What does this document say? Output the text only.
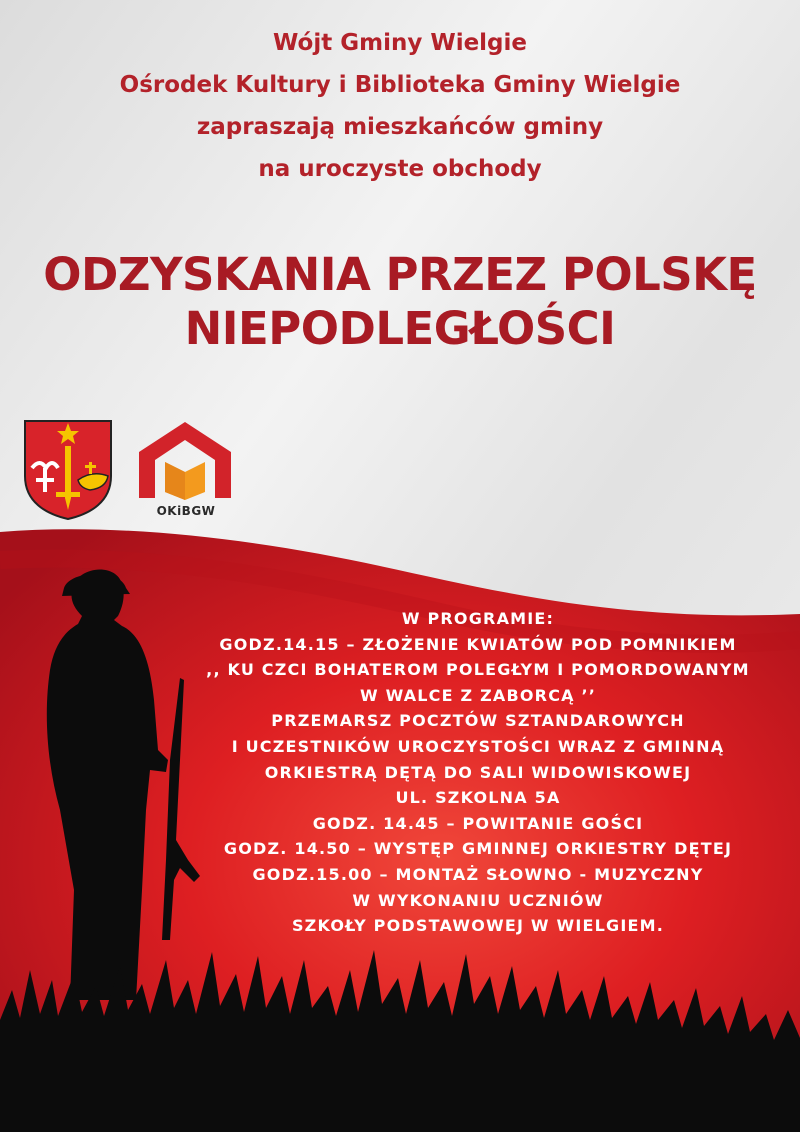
Wójt Gminy Wielgie
Ośrodek Kultury i Biblioteka Gminy Wielgie
zapraszają mieszkańców gminy
na uroczyste obchody
ODZYSKANIA PRZEZ POLSKĘ
NIEPODLEGŁOŚCI
OKiBGW
W PROGRAMIE:
GODZ.14.15 – ZŁOŻENIE KWIATÓW POD POMNIKIEM
,, KU CZCI BOHATEROM POLEGŁYM I POMORDOWANYM
W WALCE Z ZABORCĄ ’’
PRZEMARSZ POCZTÓW SZTANDAROWYCH
I UCZESTNIKÓW UROCZYSTOŚCI WRAZ Z GMINNĄ
ORKIESTRĄ DĘTĄ DO SALI WIDOWISKOWEJ
UL. SZKOLNA 5A
GODZ. 14.45 – POWITANIE GOŚCI
GODZ. 14.50 – WYSTĘP GMINNEJ ORKIESTRY DĘTEJ
GODZ.15.00 – MONTAŻ SŁOWNO - MUZYCZNY
W WYKONANIU UCZNIÓW
SZKOŁY PODSTAWOWEJ W WIELGIEM.
